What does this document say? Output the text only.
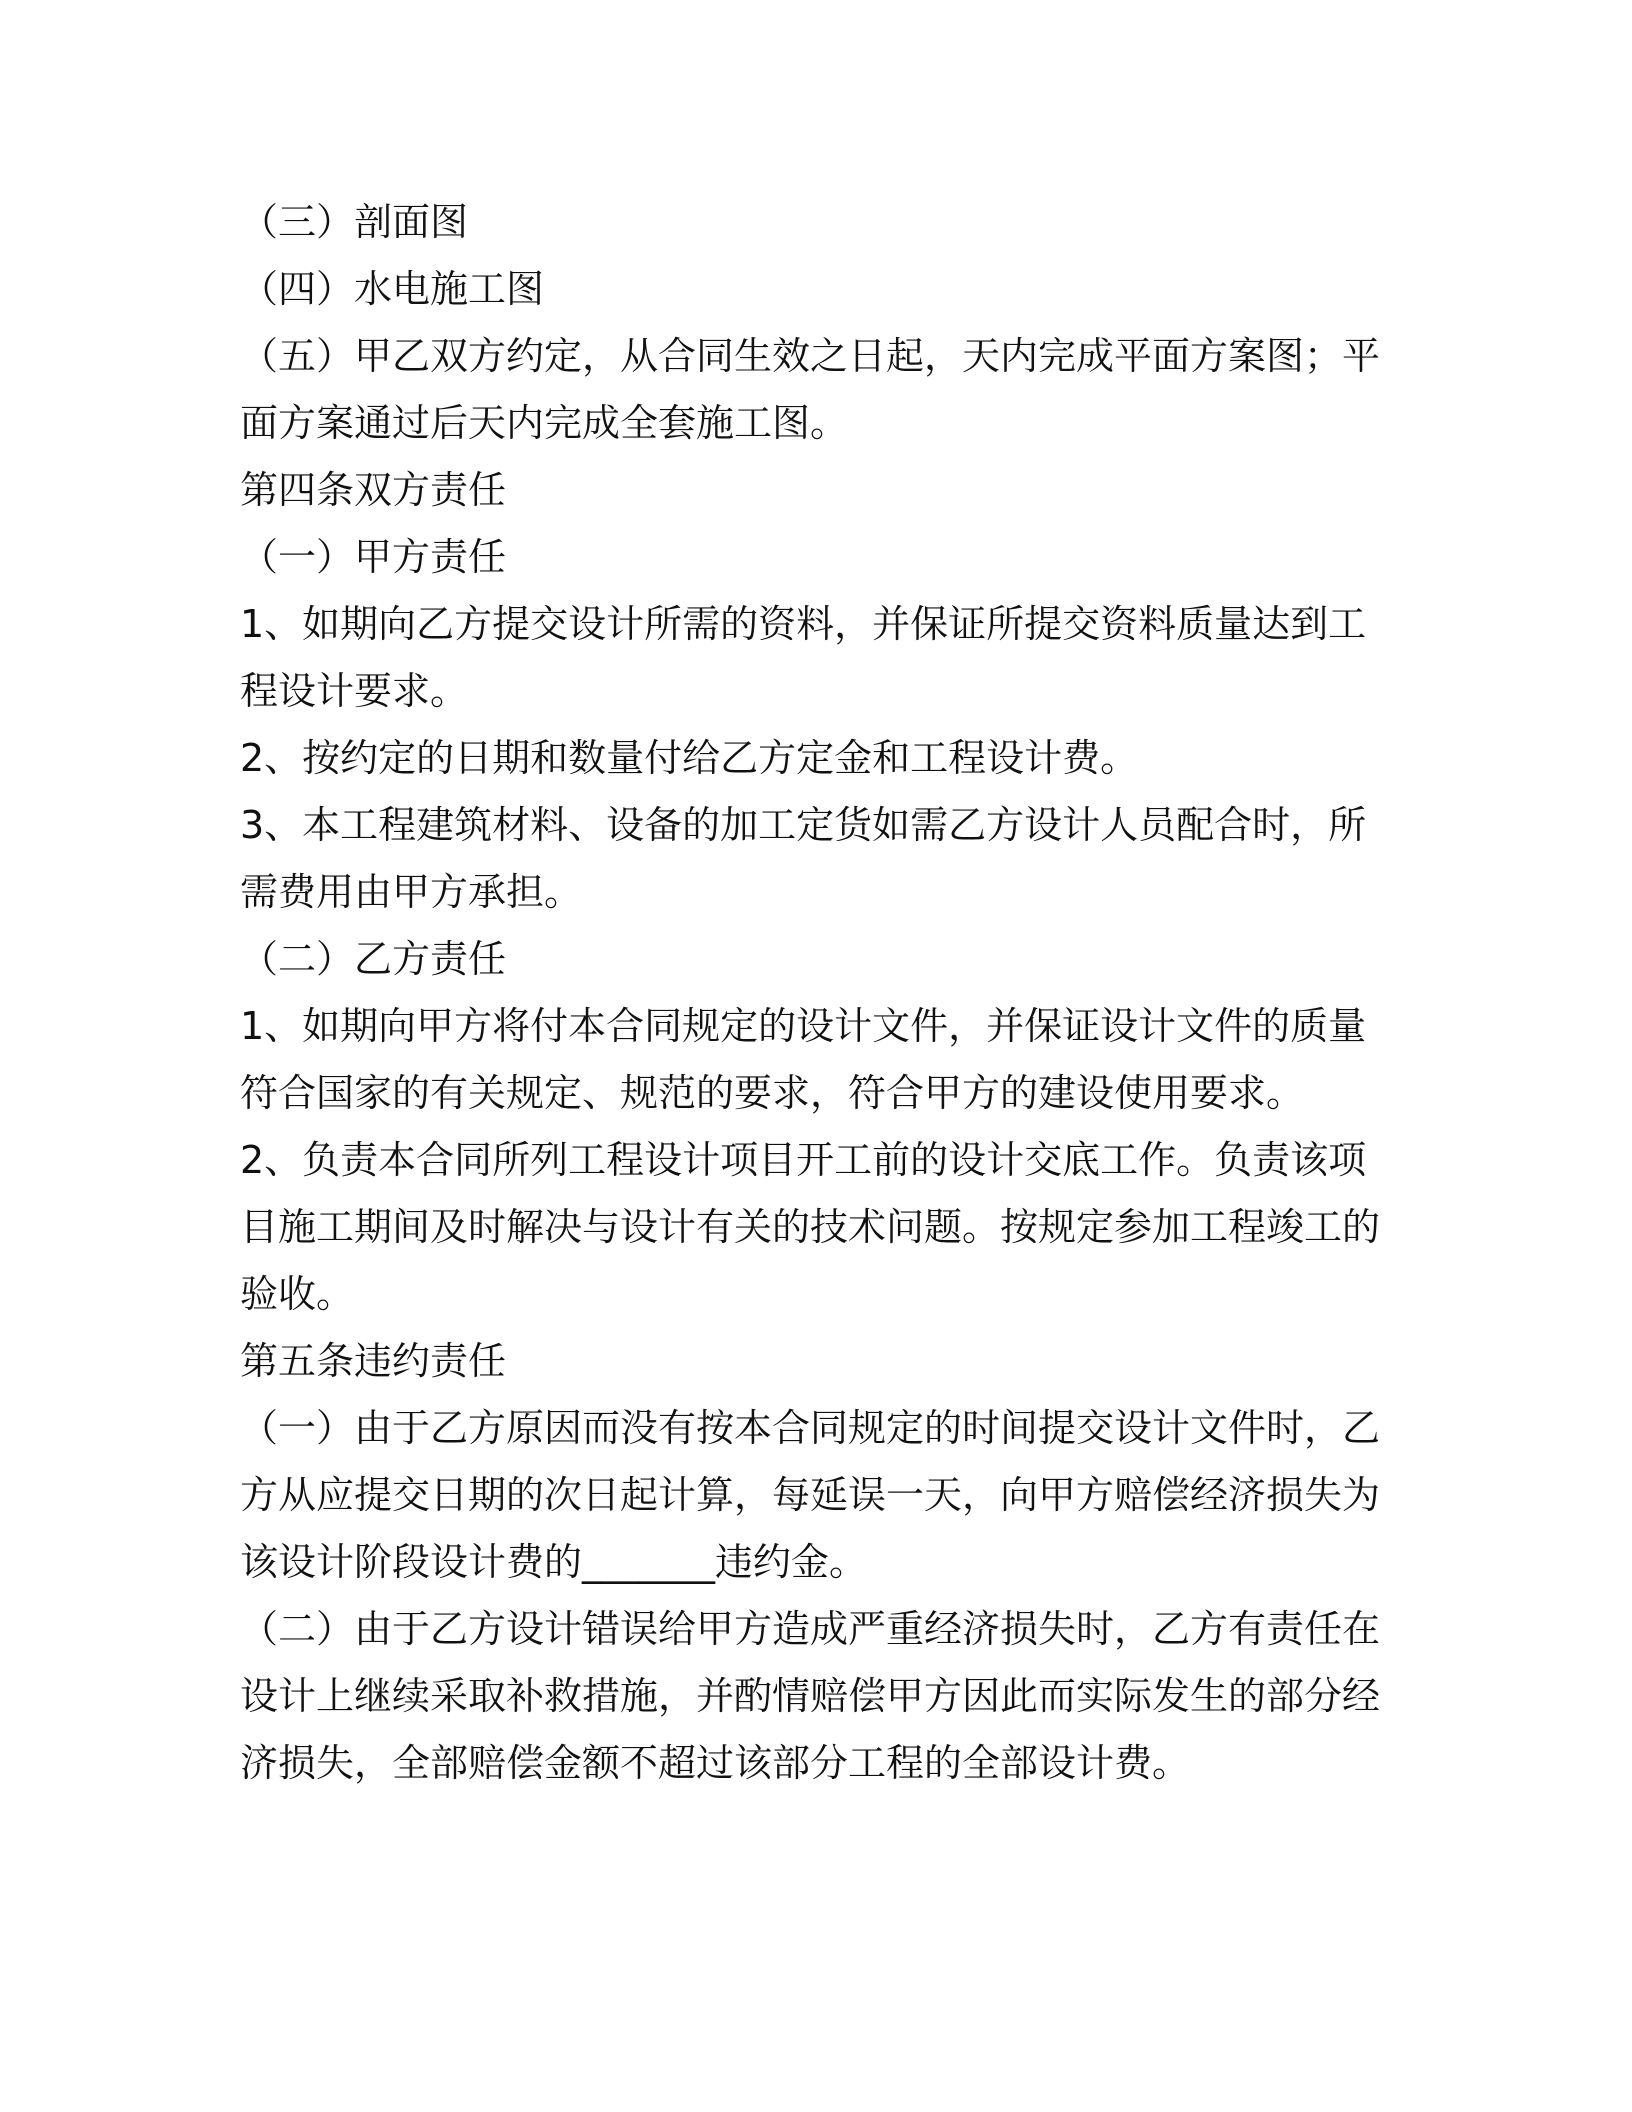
（三）剖面图

（四）水电施工图

（五）甲乙双方约定，从合同生效之日起，天内完成平面方案图；平面方案通过后天内完成全套施工图。

第四条双方责任

（一）甲方责任

1、如期向乙方提交设计所需的资料，并保证所提交资料质量达到工程设计要求。

2、按约定的日期和数量付给乙方定金和工程设计费。

3、本工程建筑材料、设备的加工定货如需乙方设计人员配合时，所需费用由甲方承担。

（二）乙方责任

1、如期向甲方将付本合同规定的设计文件，并保证设计文件的质量符合国家的有关规定、规范的要求，符合甲方的建设使用要求。

2、负责本合同所列工程设计项目开工前的设计交底工作。负责该项目施工期间及时解决与设计有关的技术问题。按规定参加工程竣工的验收。

第五条违约责任

（一）由于乙方原因而没有按本合同规定的时间提交设计文件时，乙方从应提交日期的次日起计算，每延误一天，向甲方赔偿经济损失为该设计阶段设计费的_______违约金。

（二）由于乙方设计错误给甲方造成严重经济损失时，乙方有责任在设计上继续采取补救措施，并酌情赔偿甲方因此而实际发生的部分经济损失，全部赔偿金额不超过该部分工程的全部设计费。
